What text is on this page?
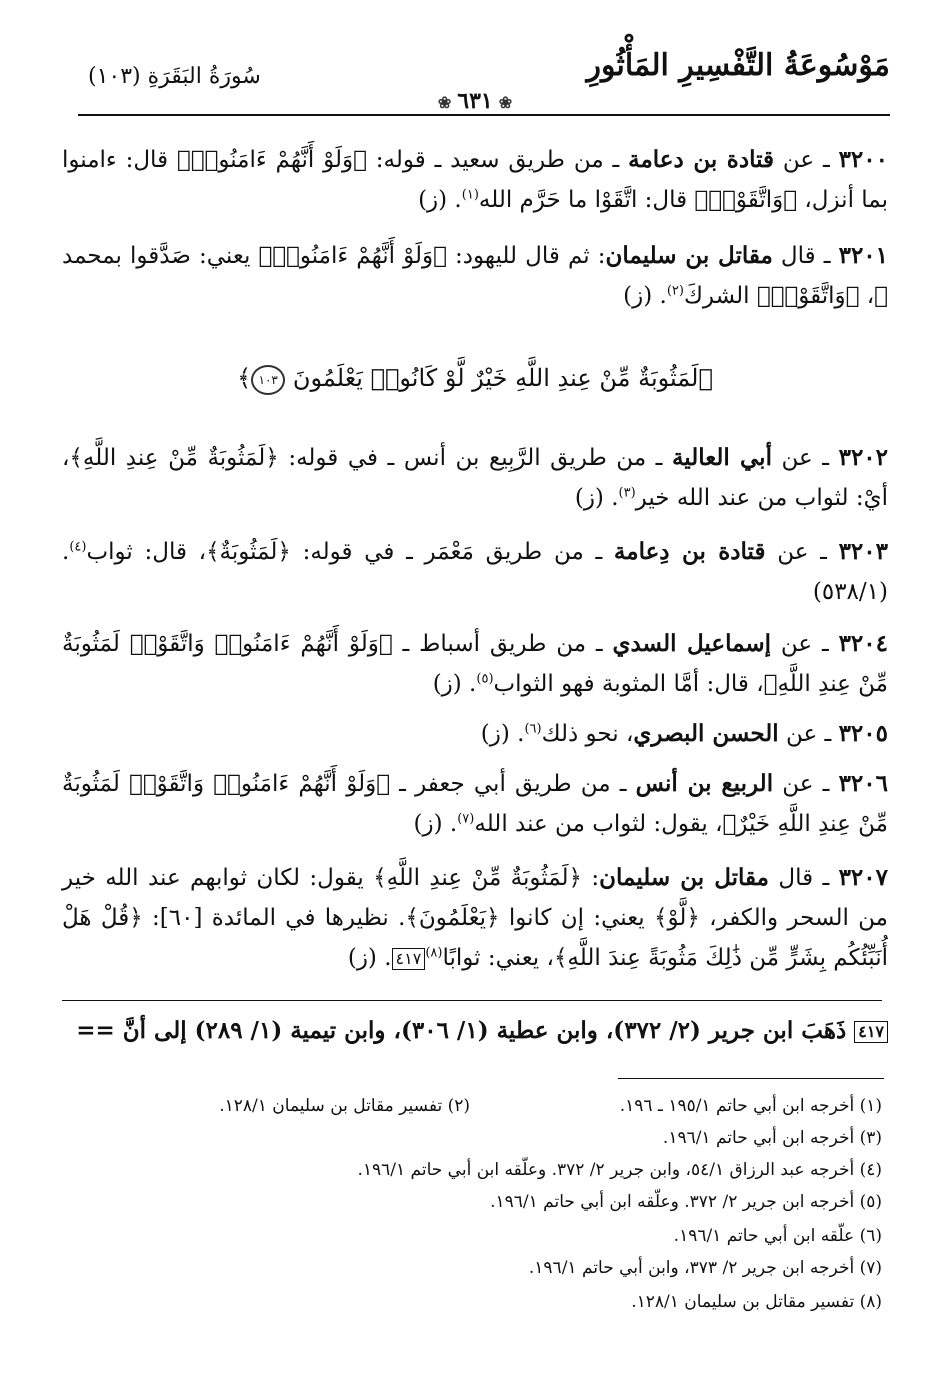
مَوْسُوعَةُ التَّفْسِيرِ المَأْثُورِ
سُورَةُ البَقَرَةِ (١٠٣)
❀٦٣١❀
٣٢٠٠ ـ عن قتادة بن دعامة ـ من طريق سعيد ـ قوله: ﴿وَلَوْ أَنَّهُمْ ءَامَنُوا۟﴾ قال: ءامنوا بما أنزل، ﴿وَاتَّقَوْا۟﴾ قال: اتَّقَوْا ما حَرَّم الله$^{(١)}$. (ز)
٣٢٠١ ـ قال مقاتل بن سليمان: ثم قال لليهود: ﴿وَلَوْ أَنَّهُمْ ءَامَنُوا۟﴾ يعني: صَدَّقوا بمحمد ﷺ، ﴿وَاتَّقَوْا۟﴾ الشركَ$^{(٢)}$. (ز)
﴿لَمَثُوبَةٌ مِّنْ عِندِ اللَّهِ خَيْرٌ لَّوْ كَانُوا۟ يَعْلَمُونَ ١٠٣﴾
٣٢٠٢ ـ عن أبي العالية ـ من طريق الرَّبِيع بن أنس ـ في قوله: ﴿لَمَثُوبَةٌ مِّنْ عِندِ اللَّهِ﴾، أيْ: لثواب من عند الله خير$^{(٣)}$. (ز)
٣٢٠٣ ـ عن قتادة بن دِعامة ـ من طريق مَعْمَر ـ في قوله: ﴿لَمَثُوبَةٌ﴾، قال: ثواب$^{(٤)}$. (٥٣٨/١)
٣٢٠٤ ـ عن إسماعيل السدي ـ من طريق أسباط ـ ﴿وَلَوْ أَنَّهُمْ ءَامَنُوا۟ وَاتَّقَوْا۟ لَمَثُوبَةٌ مِّنْ عِندِ اللَّهِ﴾، قال: أمَّا المثوبة فهو الثواب$^{(٥)}$. (ز)
٣٢٠٥ ـ عن الحسن البصري، نحو ذلك$^{(٦)}$. (ز)
٣٢٠٦ ـ عن الربيع بن أنس ـ من طريق أبي جعفر ـ ﴿وَلَوْ أَنَّهُمْ ءَامَنُوا۟ وَاتَّقَوْا۟ لَمَثُوبَةٌ مِّنْ عِندِ اللَّهِ خَيْرٌ﴾، يقول: لثواب من عند الله$^{(٧)}$. (ز)
٣٢٠٧ ـ قال مقاتل بن سليمان: ﴿لَمَثُوبَةٌ مِّنْ عِندِ اللَّهِ﴾ يقول: لكان ثوابهم عند الله خير من السحر والكفر، ﴿لَّوْ﴾ يعني: إن كانوا ﴿يَعْلَمُونَ﴾. نظيرها في المائدة [٦٠]: ﴿قُلْ هَلْ أُنَبِّئُكُم بِشَرٍّ مِّن ذَٰلِكَ مَثُوبَةً عِندَ اللَّهِ﴾، يعني: ثوابًا$^{(٨)}$٤١٧. (ز)
٤١٧ ذَهَبَ ابن جرير (٢/ ٣٧٢)، وابن عطية (١/ ٣٠٦)، وابن تيمية (١/ ٢٨٩) إلى أنَّ ==
(١) أخرجه ابن أبي حاتم ١٩٥/١ ـ ١٩٦.
(٢) تفسير مقاتل بن سليمان ١٢٨/١.
(٣) أخرجه ابن أبي حاتم ١٩٦/١.
(٤) أخرجه عبد الرزاق ٥٤/١، وابن جرير ٢/ ٣٧٢. وعلّقه ابن أبي حاتم ١٩٦/١.
(٥) أخرجه ابن جرير ٢/ ٣٧٢. وعلّقه ابن أبي حاتم ١٩٦/١.
(٦) علّقه ابن أبي حاتم ١٩٦/١.
(٧) أخرجه ابن جرير ٢/ ٣٧٣، وابن أبي حاتم ١٩٦/١.
(٨) تفسير مقاتل بن سليمان ١٢٨/١.
